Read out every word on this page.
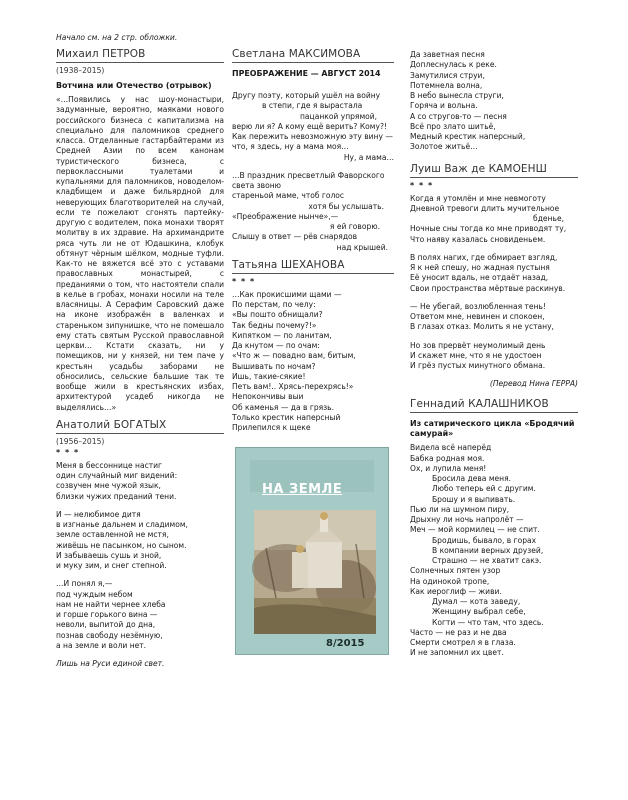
Начало см. на 2 стр. обложки.
Михаил ПЕТРОВ
(1938–2015)
Вотчина или Отечество (отрывок)

«…Появились у нас шоу-монастыри, задуманные, вероятно, маяками нового российского бизнеса с капитализма на специально для паломников среднего класса. Отделанные гастарбайтерами из Средней Азии по всем канонам туристического бизнеса, с первоклассными туалетами и купальнями для паломников, новоделом-кладбищем и даже бильярдной для неверующих благотворителей на случай, если те пожелают сгонять партейку-другую с водителем, пока монахи творят молитву в их здравие. На архимандрите ряса чуть ли не от Юдашкина, клобук обтянут чёрным шёлком, модные туфли. Как-то не вяжется всё это с уставами православных монастырей, с преданиями о том, что настоятели спали в келье в гробах, монахи носили на теле власяницы. А Серафим Саровский даже на иконе изображён в валенках и стареньком зипунишке, что не помешало ему стать святым Русской православной церкви… Кстати сказать, ни у помещиков, ни у князей, ни тем паче у крестьян усадьбы заборами не обносились, сельские бальшие так те вообще жили в крестьянских избах, архитектурой усадеб никогда не выделялись…»

Анатолий БОГАТЫХ
(1956–2015)
* * *
Меня в бессоннице настиг
один случайный миг видений:
созвучен мне чужой язык,
близки чужих преданий тени.
И — нелюбимое дитя
в изгнанье дальнем и сладимом,
земле оставленной не мстя,
живёшь не пасынком, но сыном.
И забываешь сушь и зной,
и муку зим, и снег степной.
…И понял я,—
под чуждым небом
нам не найти чернее хлеба
и горше горького вина —
неволи, выпитой до дна,
познав свободу незёмную,
а на земле и воли нет.
Лишь на Руси единой свет.
Светлана МАКСИМОВА
ПРЕОБРАЖЕНИЕ — АВГУСТ 2014
Другу поэту, который ушёл на войну
в степи, где я вырастала
пацанкой упрямой,
верю ли я? А кому ещё верить? Кому?!
Как пережить невозможную эту вину —
что, я здесь, ну а мама моя…
Ну, а мама…
…В праздник пресветлый Фаворского света звоню
стареньой маме, чтоб голос
хотя бы услышать.
«Преображение нынче»,—
я ей говорю.
Слышу в ответ — рёв снарядов
над крышей.
Татьяна ШЕХАНОВА
* * *
…Как прокисшими щами —
По перстам, по челу:
«Вы пошто обнищали?
Так бедны почему?!»
Кипятком — по ланитам,
Да кнутом — по очам:
«Что ж — повадно вам, битым,
Вышивать по ночам?
Ишь, такие-сякие!
Петь вам!.. Хрясь-перехрясь!»
Непокончивы выи
Об каменья — да в грязь.
Только крестик наперсный
Прилепился к щеке
НА ЗЕМЛЕ
8/2015
Да заветная песня
Доплеснулась к реке.
Замутилися струи,
Потемнела волна,
В небо вынесла струги,
Горяча и вольна.
А со стругов-то — песня
Всё про злато шитьё,
Медный крестик наперсный,
Золотое житьё…
Луиш Важ де КАМОЕНШ
* * *
Когда я утомлён и мне невмоготу
Дневной тревоги длить мучительное
бденье,
Ночные сны тогда ко мне приводят ту,
Что наяву казалась сновиденьем.
В полях нагих, где обмирает взгляд,
Я к ней спешу, но жадная пустыня
Её уносит вдаль, не отдаёт назад,
Свои пространства мёртвые раскинув.
— Не убегай, возлюбленная тень!
Ответом мне, невинен и спокоен,
В глазах отказ. Молить я не устану,
Но зов прервёт неумолимый день
И скажет мне, что я не удостоен
И грёз пустых минутного обмана.
(Перевод Нина ГЕРРА)
Геннадий КАЛАШНИКОВ
Из сатирического цикла «Бродячий самурай»
Видела всё наперёд
Бабка родная моя.
Ох, и лупила меня!
Бросила дева меня.
Любо теперь ей с другим.
Брошу и я выпивать.
Пью ли на шумном пиру,
Дрыхну ли ночь напролёт —
Меч — мой кормилец — не спит.
Бродишь, бывало, в горах
В компании верных друзей,
Страшно — не хватит сакэ.
Солнечных пятен узор
На одинокой тропе,
Как иероглиф — живи.
Думал — кота заведу,
Женщину выбрал себе,
Когти — что там, что здесь.
Часто — не раз и не два
Смерти смотрел я в глаза.
И не запомнил их цвет.
